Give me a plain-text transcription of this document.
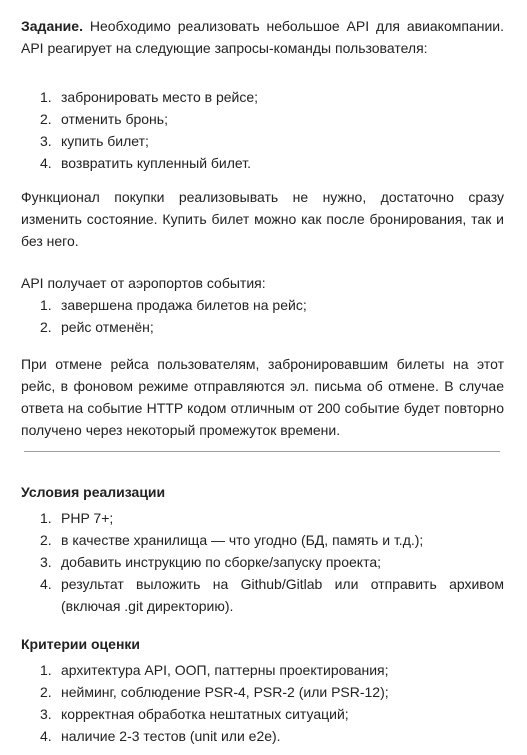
Задание. Необходимо реализовать небольшое API для авиакомпании. API реагирует на следующие запросы-команды пользователя:
1. забронировать место в рейсе;
2. отменить бронь;
3. купить билет;
4. возвратить купленный билет.
Функционал покупки реализовывать не нужно, достаточно сразу изменить состояние. Купить билет можно как после бронирования, так и без него.
API получает от аэропортов события:
1. завершена продажа билетов на рейс;
2. рейс отменён;
При отмене рейса пользователям, забронировавшим билеты на этот рейс, в фоновом режиме отправляются эл. письма об отмене. В случае ответа на событие HTTP кодом отличным от 200 событие будет повторно получено через некоторый промежуток времени.
Условия реализации
1. PHP 7+;
2. в качестве хранилища — что угодно (БД, память и т.д.);
3. добавить инструкцию по сборке/запуску проекта;
4. результат выложить на Github/Gitlab или отправить архивом (включая .git директорию).
Критерии оценки
1. архитектура API, ООП, паттерны проектирования;
2. нейминг, соблюдение PSR-4, PSR-2 (или PSR-12);
3. корректная обработка нештатных ситуаций;
4. наличие 2-3 тестов (unit или e2e).
